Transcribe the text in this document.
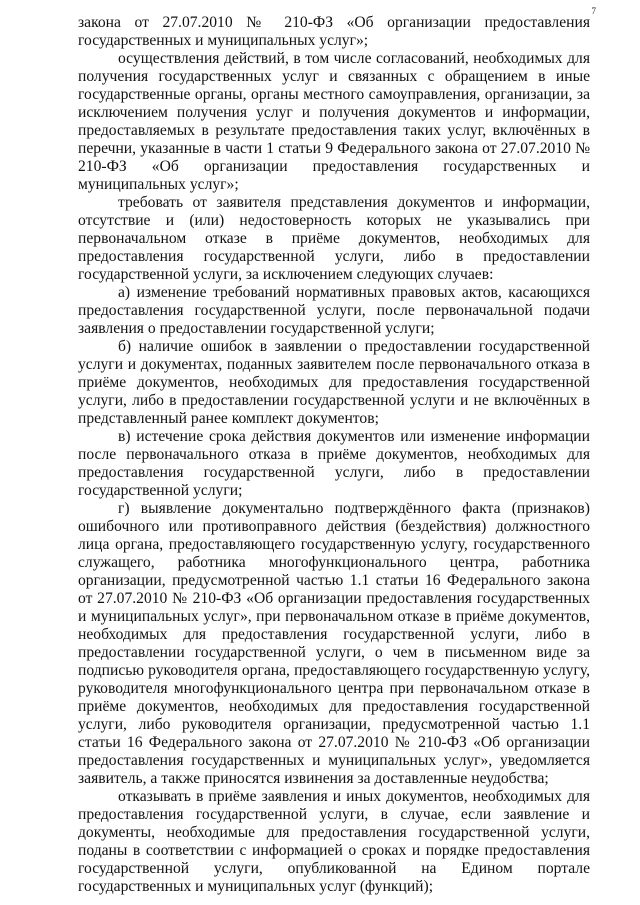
7

закона от 27.07.2010 № 210-ФЗ «Об организации предоставления государственных и муниципальных услуг»;

осуществления действий, в том числе согласований, необходимых для получения государственных услуг и связанных с обращением в иные государственные органы, органы местного самоуправления, организации, за исключением получения услуг и получения документов и информации, предоставляемых в результате предоставления таких услуг, включённых в перечни, указанные в части 1 статьи 9 Федерального закона от 27.07.2010 № 210-ФЗ «Об организации предоставления государственных и муниципальных услуг»;

требовать от заявителя представления документов и информации, отсутствие и (или) недостоверность которых не указывались при первоначальном отказе в приёме документов, необходимых для предоставления государственной услуги, либо в предоставлении государственной услуги, за исключением следующих случаев:

а) изменение требований нормативных правовых актов, касающихся предоставления государственной услуги, после первоначальной подачи заявления о предоставлении государственной услуги;

б) наличие ошибок в заявлении о предоставлении государственной услуги и документах, поданных заявителем после первоначального отказа в приёме документов, необходимых для предоставления государственной услуги, либо в предоставлении государственной услуги и не включённых в представленный ранее комплект документов;

в) истечение срока действия документов или изменение информации после первоначального отказа в приёме документов, необходимых для предоставления государственной услуги, либо в предоставлении государственной услуги;

г) выявление документально подтверждённого факта (признаков) ошибочного или противоправного действия (бездействия) должностного лица органа, предоставляющего государственную услугу, государственного служащего, работника многофункционального центра, работника организации, предусмотренной частью 1.1 статьи 16 Федерального закона от 27.07.2010 № 210-ФЗ «Об организации предоставления государственных и муниципальных услуг», при первоначальном отказе в приёме документов, необходимых для предоставления государственной услуги, либо в предоставлении государственной услуги, о чем в письменном виде за подписью руководителя органа, предоставляющего государственную услугу, руководителя многофункционального центра при первоначальном отказе в приёме документов, необходимых для предоставления государственной услуги, либо руководителя организации, предусмотренной частью 1.1 статьи 16 Федерального закона от 27.07.2010 № 210-ФЗ «Об организации предоставления государственных и муниципальных услуг», уведомляется заявитель, а также приносятся извинения за доставленные неудобства;

отказывать в приёме заявления и иных документов, необходимых для предоставления государственной услуги, в случае, если заявление и документы, необходимые для предоставления государственной услуги, поданы в соответствии с информацией о сроках и порядке предоставления государственной услуги, опубликованной на Едином портале государственных и муниципальных услуг (функций);
